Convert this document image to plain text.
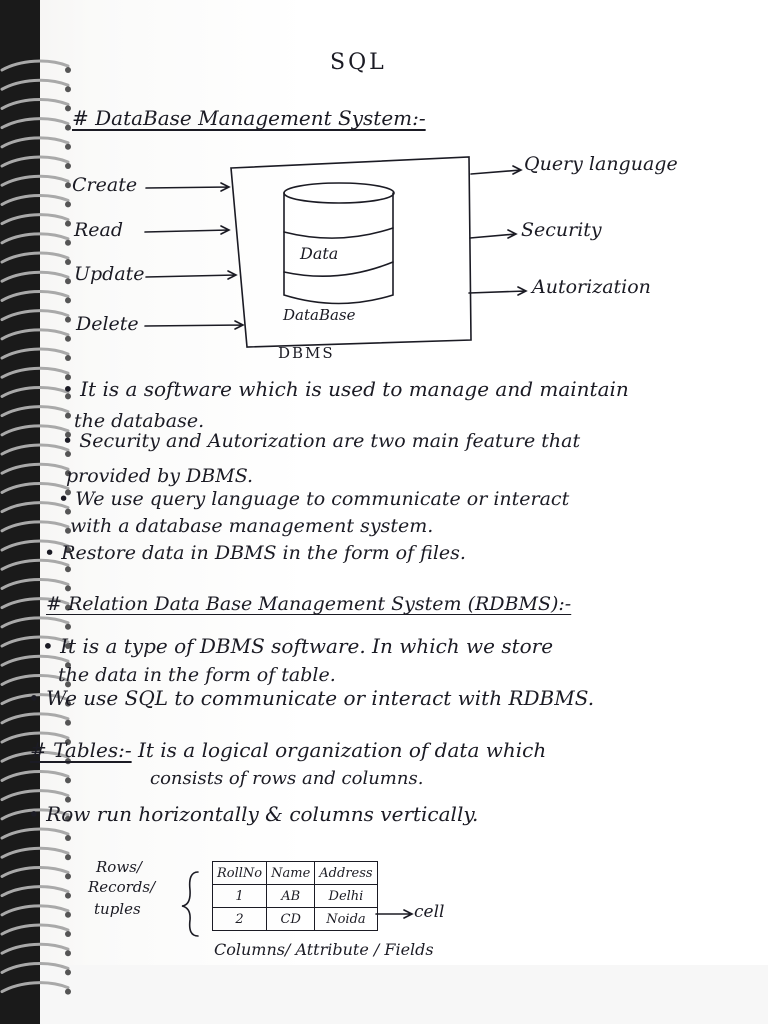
SQL
# DataBase Management System:-
Create
Read
Update
Delete
Query language
Security
Autorization
Data
DataBase
DBMS
• It is a software which is used to manage and maintain
the database.
• Security and Autorization are two main feature that
provided by DBMS.
• We use query language to communicate or interact
with a database management system.
• Restore data in DBMS in the form of files.
# Relation Data Base Management System (RDBMS):-
• It is a type of DBMS software. In which we store
the data in the form of table.
• We use SQL to communicate or interact with RDBMS.
# Tables:- It is a logical organization of data which
consists of rows and columns.
• Row run horizontally & columns vertically.
Rows/
Records/
tuples
RollNo	Name	Address
1	AB	Delhi
2	CD	Noida	cell
Columns/ Attribute / Fields
